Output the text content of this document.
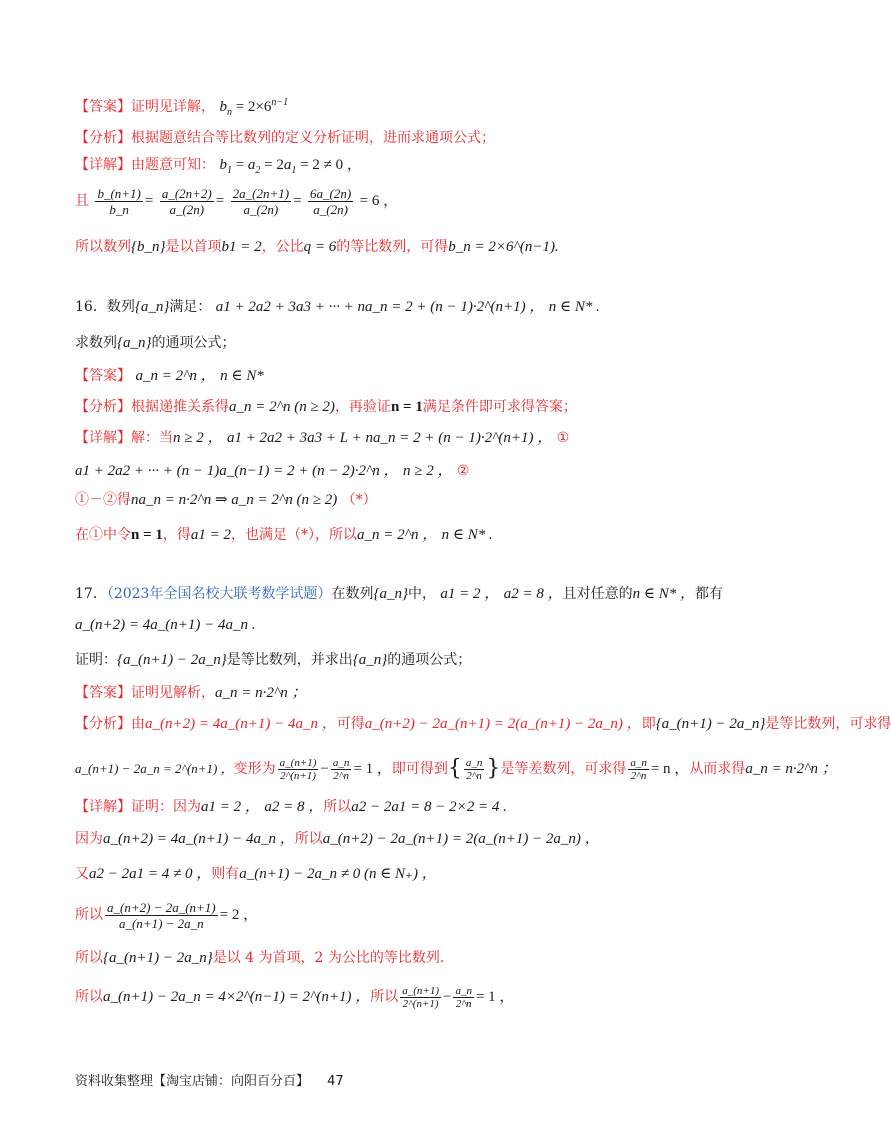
【答案】证明见详解， $b_n = 2\times 6^{n-1}$
【分析】根据题意结合等比数列的定义分析证明，进而求通项公式；
【详解】由题意可知： $b_1 = a_2 = 2a_1 = 2 \ne 0$ ，
且 $\frac{b\_(n+1)}{b\_n} = \frac{a\_(2n+2)}{a\_(2n)} = \frac{2a\_(2n+1)}{a\_(2n)} = \frac{6a\_(2n)}{a\_(2n)} = 6$ ，
所以数列{b_n}是以首项b1 = 2，公比q = 6的等比数列，可得b_n = 2×6^(n−1).
16．数列{a_n}满足： a1 + 2a2 + 3a3 + ··· + na_n = 2 + (n − 1)·2^(n+1) ， n ∈ N* .
求数列{a_n}的通项公式；
【答案】 a_n = 2^n ， n ∈ N*
【分析】根据递推关系得a_n = 2^n (n ≥ 2)，再验证n = 1满足条件即可求得答案；
【详解】解：当n ≥ 2 ， a1 + 2a2 + 3a3 + L + na_n = 2 + (n − 1)·2^(n+1) ， ①
a1 + 2a2 + ··· + (n − 1)a_(n−1) = 2 + (n − 2)·2^n ， n ≥ 2 ， ②
①－②得na_n = n·2^n ⇒ a_n = 2^n (n ≥ 2) （*）
在①中令n = 1，得a1 = 2，也满足（*），所以a_n = 2^n ， n ∈ N* .
17．（2023年全国名校大联考数学试题）在数列{a_n}中， a1 = 2 ， a2 = 8 ，且对任意的n ∈ N* ，都有
a_(n+2) = 4a_(n+1) − 4a_n .
证明：{a_(n+1) − 2a_n}是等比数列，并求出{a_n}的通项公式；
【答案】证明见解析，a_n = n·2^n ；
【分析】由a_(n+2) = 4a_(n+1) − 4a_n ，可得a_(n+2) − 2a_(n+1) = 2(a_(n+1) − 2a_n) ，即{a_(n+1) − 2a_n}是等比数列，可求得
a_(n+1) − 2a_n = 2^(n+1) ，变形为 $\frac{a\_(n+1)}{2\^{}(n+1)} - \frac{a\_n}{2\^{}n} = 1$ ，即可得到{ $\frac{a\_n}{2\^{}n}$ }是等差数列，可求得 $\frac{a\_n}{2\^{}n} = n$ ，从而求得a_n = n·2^n ；
【详解】证明：因为a1 = 2 ， a2 = 8 ，所以a2 − 2a1 = 8 − 2×2 = 4 .
因为a_(n+2) = 4a_(n+1) − 4a_n ，所以a_(n+2) − 2a_(n+1) = 2(a_(n+1) − 2a_n) ，
又a2 − 2a1 = 4 ≠ 0 ，则有a_(n+1) − 2a_n ≠ 0 (n ∈ N₊) ，
所以 $\frac{a\_(n+2) - 2a\_(n+1)}{a\_(n+1) - 2a\_n} = 2$ ，
所以{a_(n+1) − 2a_n}是以 4 为首项，2 为公比的等比数列.
所以a_(n+1) − 2a_n = 4×2^(n−1) = 2^(n+1) ，所以 $\frac{a\_(n+1)}{2\^{}(n+1)} - \frac{a\_n}{2\^{}n} = 1$ ，
资料收集整理【淘宝店铺：向阳百分百】 47
